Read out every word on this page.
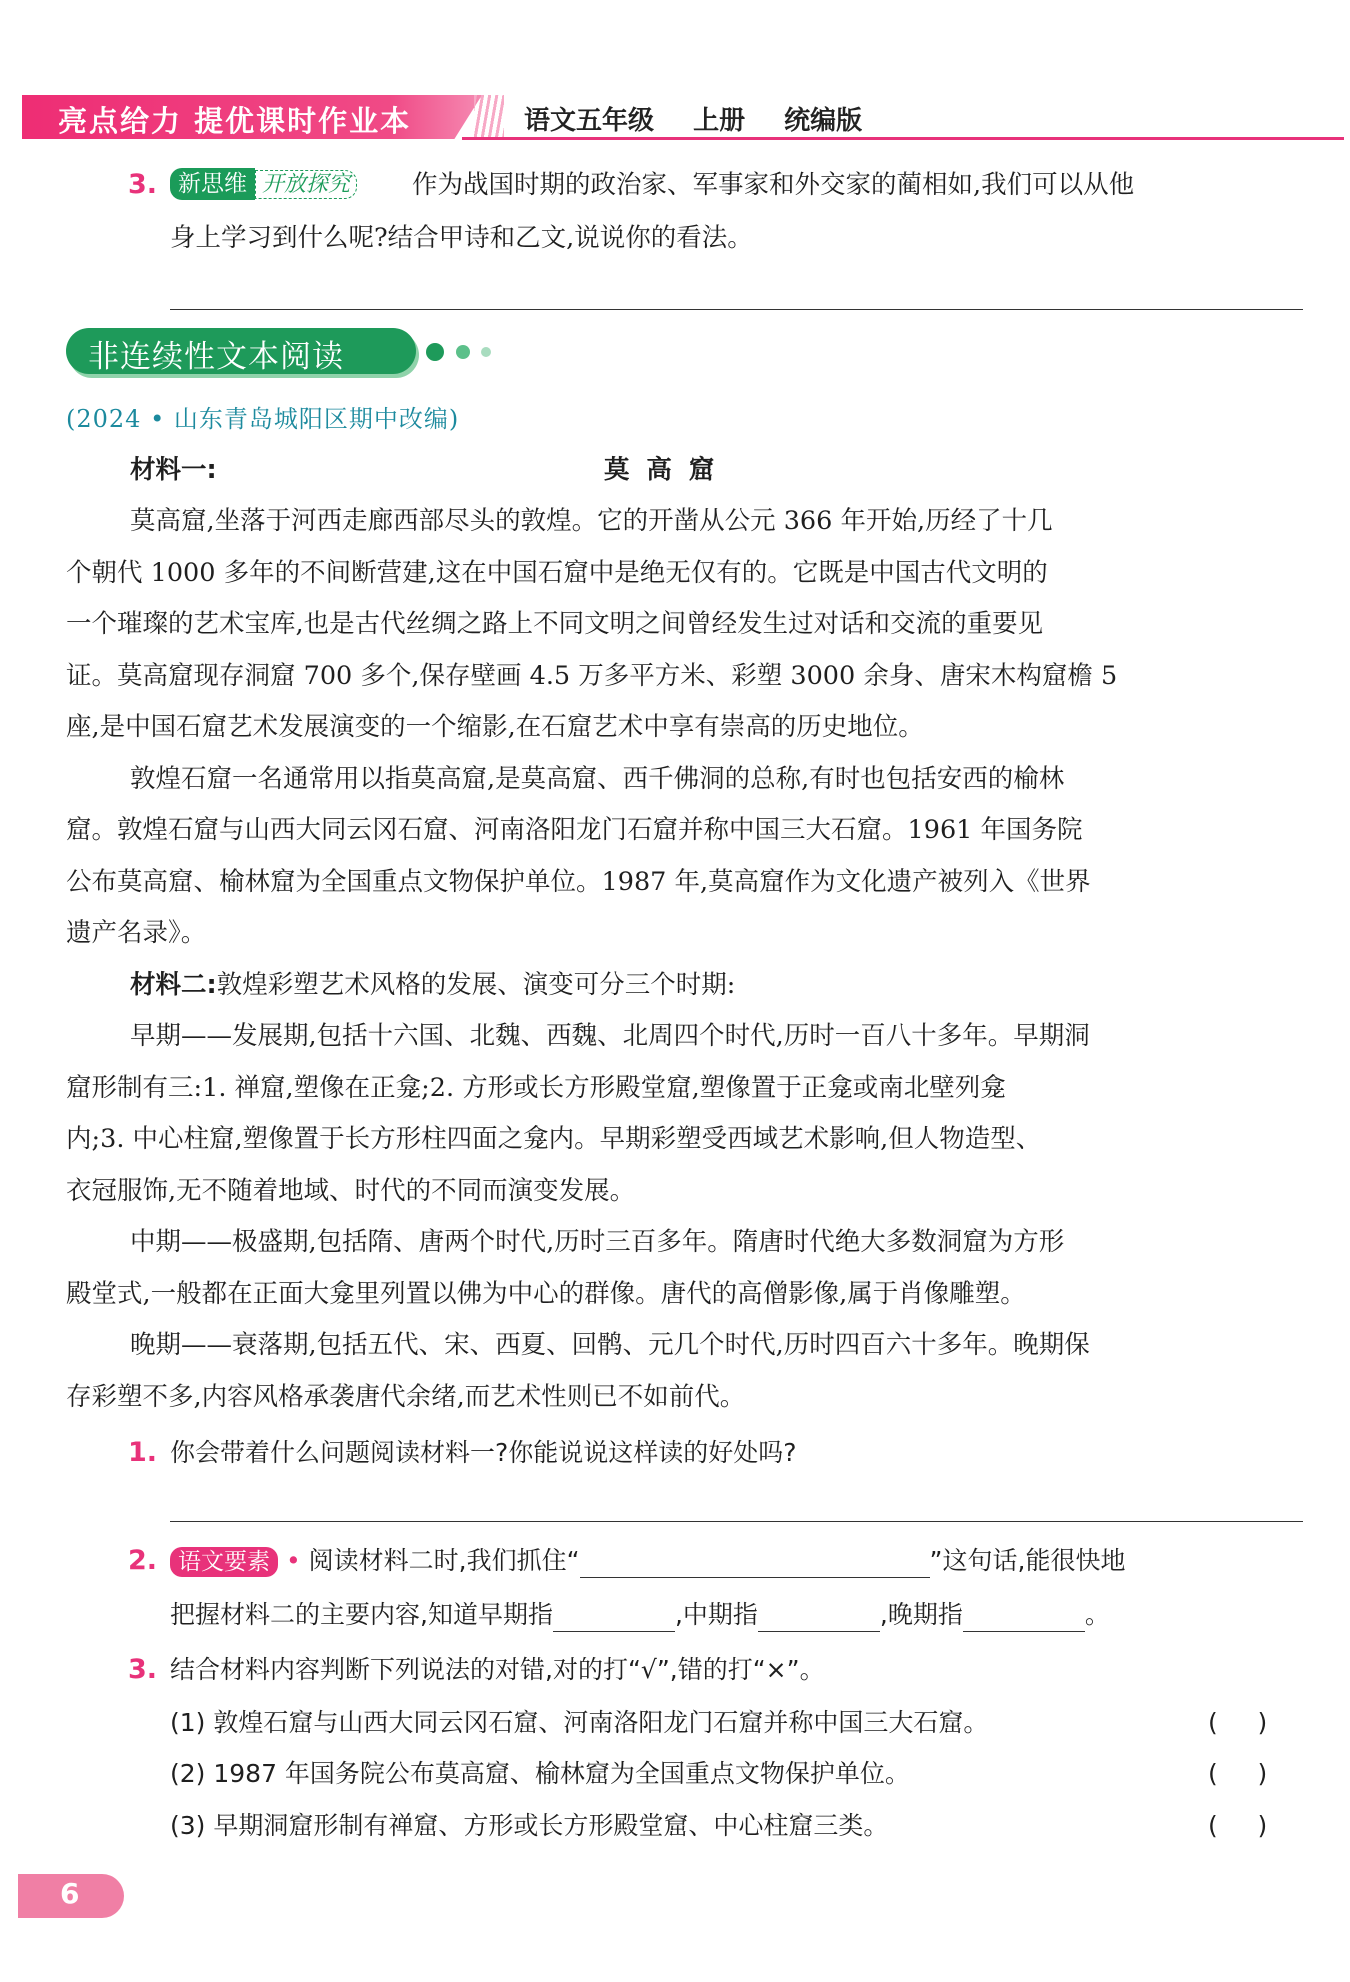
亮点给力 提优课时作业本	语文五年级 上册 统编版
3. 新思维 开放探究 作为战国时期的政治家、军事家和外交家的蔺相如,我们可以从他
身上学习到什么呢?结合甲诗和乙文,说说你的看法。
非连续性文本阅读
(2024 • 山东青岛城阳区期中改编)
材料一:	莫 高 窟
莫高窟,坐落于河西走廊西部尽头的敦煌。它的开凿从公元 366 年开始,历经了十几
个朝代 1000 多年的不间断营建,这在中国石窟中是绝无仅有的。它既是中国古代文明的
一个璀璨的艺术宝库,也是古代丝绸之路上不同文明之间曾经发生过对话和交流的重要见
证。莫高窟现存洞窟 700 多个,保存壁画 4.5 万多平方米、彩塑 3000 余身、唐宋木构窟檐 5
座,是中国石窟艺术发展演变的一个缩影,在石窟艺术中享有崇高的历史地位。
敦煌石窟一名通常用以指莫高窟,是莫高窟、西千佛洞的总称,有时也包括安西的榆林
窟。敦煌石窟与山西大同云冈石窟、河南洛阳龙门石窟并称中国三大石窟。1961 年国务院
公布莫高窟、榆林窟为全国重点文物保护单位。1987 年,莫高窟作为文化遗产被列入《世界
遗产名录》。
材料二:敦煌彩塑艺术风格的发展、演变可分三个时期:
早期——发展期,包括十六国、北魏、西魏、北周四个时代,历时一百八十多年。早期洞
窟形制有三:1. 禅窟,塑像在正龛;2. 方形或长方形殿堂窟,塑像置于正龛或南北壁列龛
内;3. 中心柱窟,塑像置于长方形柱四面之龛内。早期彩塑受西域艺术影响,但人物造型、
衣冠服饰,无不随着地域、时代的不同而演变发展。
中期——极盛期,包括隋、唐两个时代,历时三百多年。隋唐时代绝大多数洞窟为方形
殿堂式,一般都在正面大龛里列置以佛为中心的群像。唐代的高僧影像,属于肖像雕塑。
晚期——衰落期,包括五代、宋、西夏、回鹘、元几个时代,历时四百六十多年。晚期保
存彩塑不多,内容风格承袭唐代余绪,而艺术性则已不如前代。
1. 你会带着什么问题阅读材料一?你能说说这样读的好处吗?
2. 语文要素 • 阅读材料二时,我们抓住“	”这句话,能很快地
把握材料二的主要内容,知道早期指	,中期指	,晚期指	。
3. 结合材料内容判断下列说法的对错,对的打“√”,错的打“×”。
(1) 敦煌石窟与山西大同云冈石窟、河南洛阳龙门石窟并称中国三大石窟。	(     )
(2) 1987 年国务院公布莫高窟、榆林窟为全国重点文物保护单位。	(     )
(3) 早期洞窟形制有禅窟、方形或长方形殿堂窟、中心柱窟三类。	(     )
6
